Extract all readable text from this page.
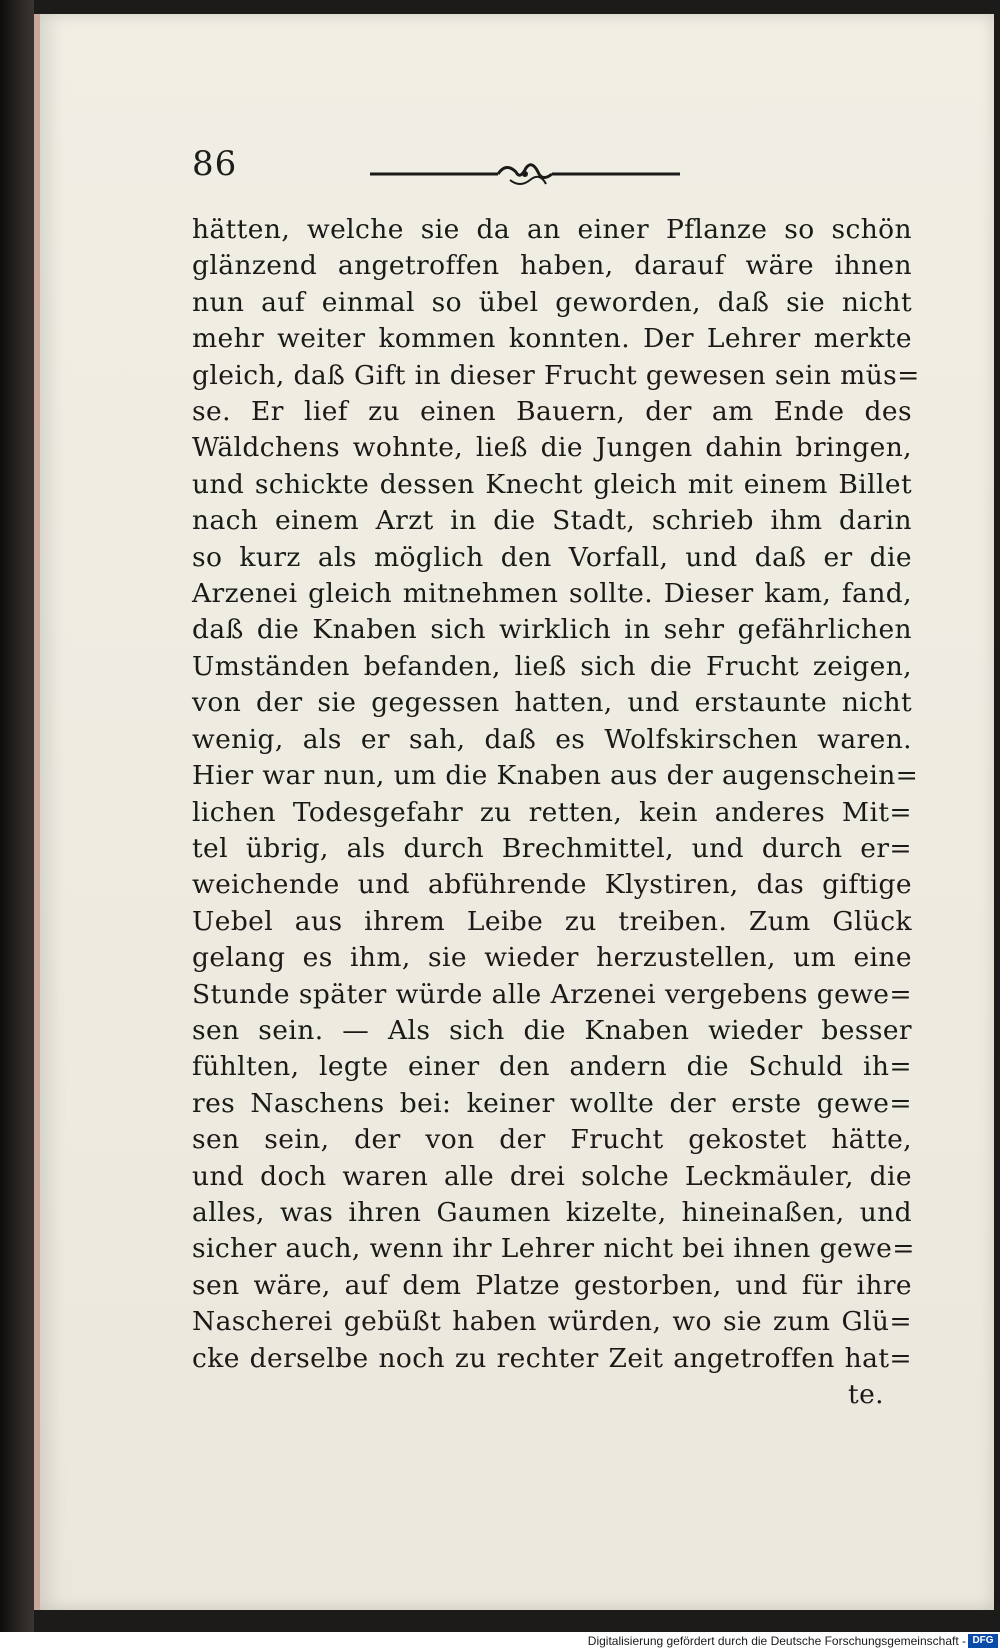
86
hätten, welche sie da an einer Pflanze so schön
glänzend angetroffen haben, darauf wäre ihnen
nun auf einmal so übel geworden, daß sie nicht
mehr weiter kommen konnten. Der Lehrer merkte
gleich, daß Gift in dieser Frucht gewesen sein müs=
se. Er lief zu einen Bauern, der am Ende des
Wäldchens wohnte, ließ die Jungen dahin bringen,
und schickte dessen Knecht gleich mit einem Billet
nach einem Arzt in die Stadt, schrieb ihm darin
so kurz als möglich den Vorfall, und daß er die
Arzenei gleich mitnehmen sollte. Dieser kam, fand,
daß die Knaben sich wirklich in sehr gefährlichen
Umständen befanden, ließ sich die Frucht zeigen,
von der sie gegessen hatten, und erstaunte nicht
wenig, als er sah, daß es Wolfskirschen waren.
Hier war nun, um die Knaben aus der augenschein=
lichen Todesgefahr zu retten, kein anderes Mit=
tel übrig, als durch Brechmittel, und durch er=
weichende und abführende Klystiren, das giftige
Uebel aus ihrem Leibe zu treiben. Zum Glück
gelang es ihm, sie wieder herzustellen, um eine
Stunde später würde alle Arzenei vergebens gewe=
sen sein. — Als sich die Knaben wieder besser
fühlten, legte einer den andern die Schuld ih=
res Naschens bei: keiner wollte der erste gewe=
sen sein, der von der Frucht gekostet hätte,
und doch waren alle drei solche Leckmäuler, die
alles, was ihren Gaumen kizelte, hineinaßen, und
sicher auch, wenn ihr Lehrer nicht bei ihnen gewe=
sen wäre, auf dem Platze gestorben, und für ihre
Nascherei gebüßt haben würden, wo sie zum Glü=
cke derselbe noch zu rechter Zeit angetroffen hat=
te.
Digitalisierung gefördert durch die Deutsche Forschungsgemeinschaft - DFG
